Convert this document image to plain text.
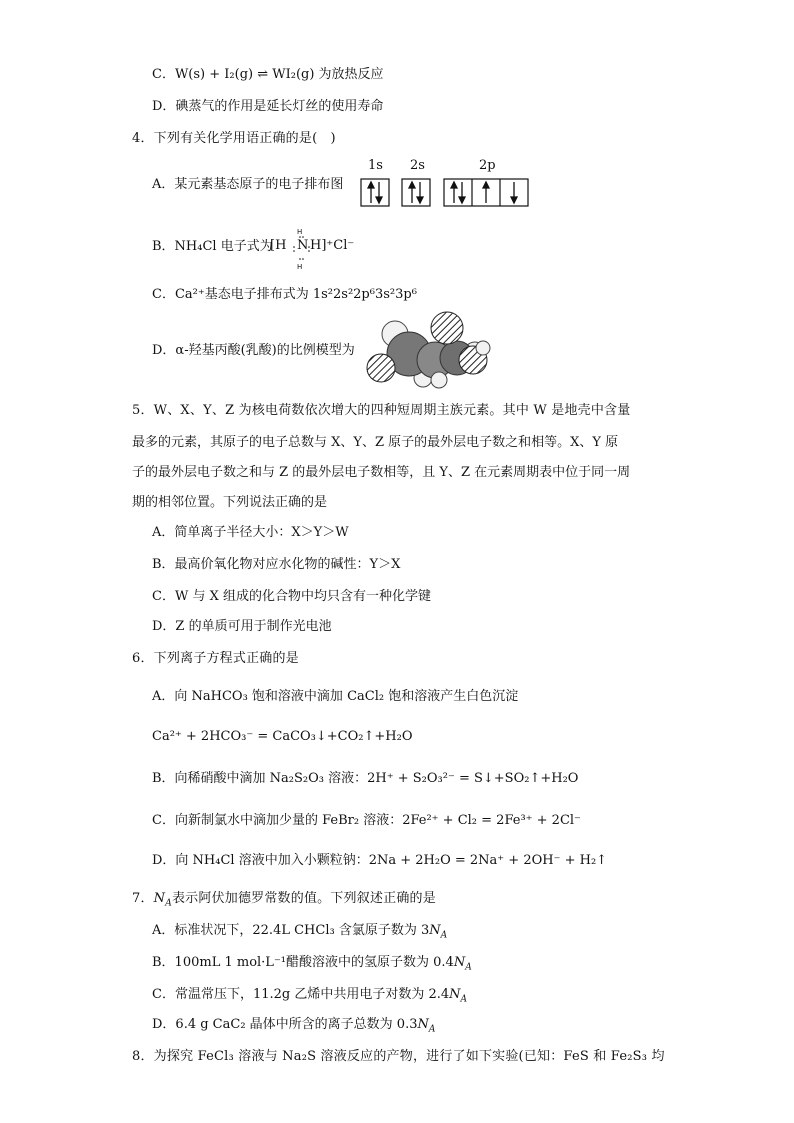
C．W(s) + I₂(g) ⇌ WI₂(g) 为放热反应
D．碘蒸气的作用是延长灯丝的使用寿命
4．下列有关化学用语正确的是(　)
A．某元素基态原子的电子排布图
1s 2s	2p
B．NH₄Cl 电子式为
[H N H]⁺Cl⁻
H
H
C．Ca²⁺基态电子排布式为 1s²2s²2p⁶3s²3p⁶
D．α-羟基丙酸(乳酸)的比例模型为
5．W、X、Y、Z 为核电荷数依次增大的四种短周期主族元素。其中 W 是地壳中含量
最多的元素，其原子的电子总数与 X、Y、Z 原子的最外层电子数之和相等。X、Y 原
子的最外层电子数之和与 Z 的最外层电子数相等，且 Y、Z 在元素周期表中位于同一周
期的相邻位置。下列说法正确的是
A．简单离子半径大小：X＞Y＞W
B．最高价氧化物对应水化物的碱性：Y＞X
C．W 与 X 组成的化合物中均只含有一种化学键
D．Z 的单质可用于制作光电池
6．下列离子方程式正确的是
A．向 NaHCO₃ 饱和溶液中滴加 CaCl₂ 饱和溶液产生白色沉淀
Ca²⁺ + 2HCO₃⁻ = CaCO₃↓+CO₂↑+H₂O
B．向稀硝酸中滴加 Na₂S₂O₃ 溶液：2H⁺ + S₂O₃²⁻ = S↓+SO₂↑+H₂O
C．向新制氯水中滴加少量的 FeBr₂ 溶液：2Fe²⁺ + Cl₂ = 2Fe³⁺ + 2Cl⁻
D．向 NH₄Cl 溶液中加入小颗粒钠：2Na + 2H₂O = 2Na⁺ + 2OH⁻ + H₂↑
7．$N_A$表示阿伏加德罗常数的值。下列叙述正确的是
A．标准状况下，22.4L CHCl₃ 含氯原子数为 $3N_A$
B．100mL 1 mol·L⁻¹醋酸溶液中的氢原子数为 $0.4N_A$
C．常温常压下，11.2g 乙烯中共用电子对数为 $2.4N_A$
D．6.4 g CaC₂ 晶体中所含的离子总数为 $0.3N_A$
8．为探究 FeCl₃ 溶液与 Na₂S 溶液反应的产物，进行了如下实验(已知：FeS 和 Fe₂S₃ 均
